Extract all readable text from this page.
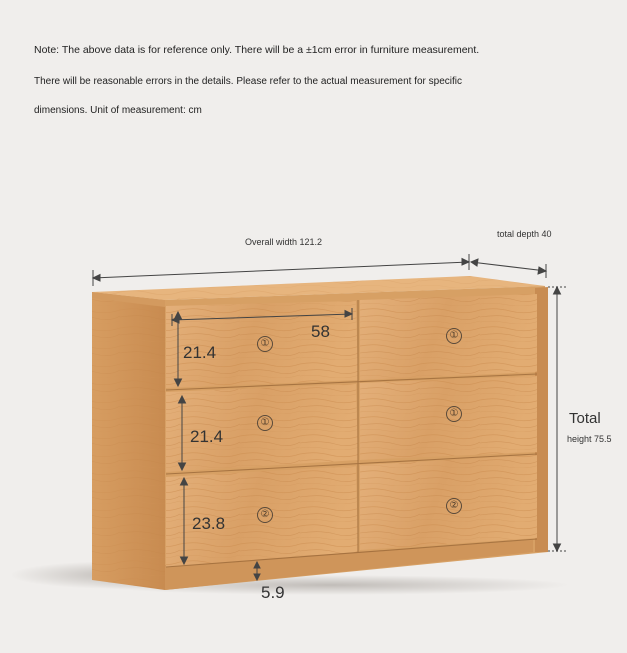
Note: The above data is for reference only. There will be a ±1cm error in furniture measurement.
There will be reasonable errors in the details. Please refer to the actual measurement for specific
dimensions. Unit of measurement: cm
Overall width 121.2
total depth 40
Total
height 75.5
58
21.4
21.4
23.8
5.9
①
①
①
①
②
②
